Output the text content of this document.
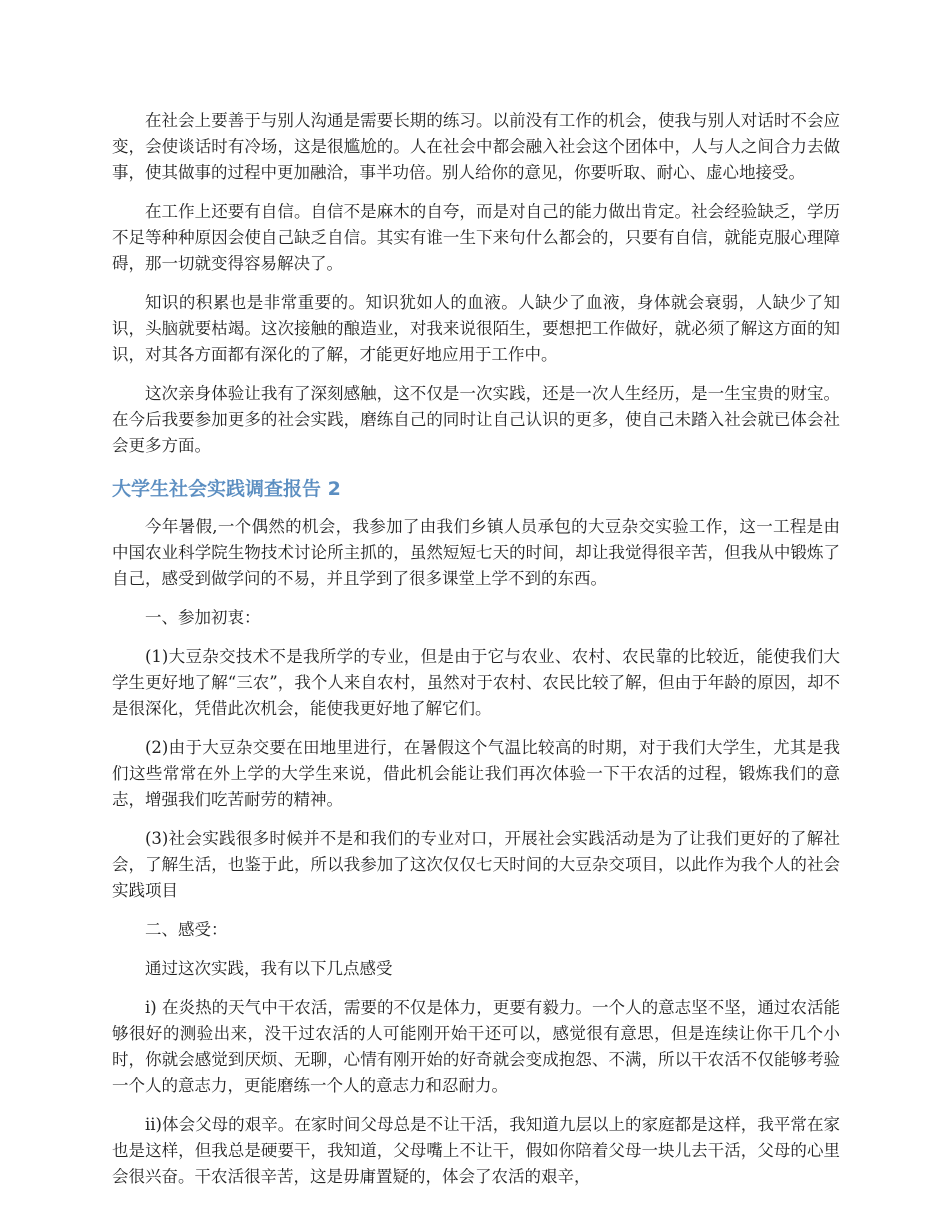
在社会上要善于与别人沟通是需要长期的练习。以前没有工作的机会，使我与别人对话时不会应变，会使谈话时有冷场，这是很尴尬的。人在社会中都会融入社会这个团体中，人与人之间合力去做事，使其做事的过程中更加融洽，事半功倍。别人给你的意见，你要听取、耐心、虚心地接受。

在工作上还要有自信。自信不是麻木的自夸，而是对自己的能力做出肯定。社会经验缺乏，学历不足等种种原因会使自己缺乏自信。其实有谁一生下来句什么都会的，只要有自信，就能克服心理障碍，那一切就变得容易解决了。

知识的积累也是非常重要的。知识犹如人的血液。人缺少了血液，身体就会衰弱，人缺少了知识，头脑就要枯竭。这次接触的酿造业，对我来说很陌生，要想把工作做好，就必须了解这方面的知识，对其各方面都有深化的了解，才能更好地应用于工作中。

这次亲身体验让我有了深刻感触，这不仅是一次实践，还是一次人生经历，是一生宝贵的财宝。在今后我要参加更多的社会实践，磨练自己的同时让自己认识的更多，使自己未踏入社会就已体会社会更多方面。

大学生社会实践调查报告 2

今年暑假,一个偶然的机会，我参加了由我们乡镇人员承包的大豆杂交实验工作，这一工程是由中国农业科学院生物技术讨论所主抓的，虽然短短七天的时间，却让我觉得很辛苦，但我从中锻炼了自己，感受到做学问的不易，并且学到了很多课堂上学不到的东西。

一、参加初衷：

(1)大豆杂交技术不是我所学的专业，但是由于它与农业、农村、农民靠的比较近，能使我们大学生更好地了解“三农”，我个人来自农村，虽然对于农村、农民比较了解，但由于年龄的原因，却不是很深化，凭借此次机会，能使我更好地了解它们。

(2)由于大豆杂交要在田地里进行，在暑假这个气温比较高的时期，对于我们大学生，尤其是我们这些常常在外上学的大学生来说，借此机会能让我们再次体验一下干农活的过程，锻炼我们的意志，增强我们吃苦耐劳的精神。

(3)社会实践很多时候并不是和我们的专业对口，开展社会实践活动是为了让我们更好的了解社会，了解生活，也鉴于此，所以我参加了这次仅仅七天时间的大豆杂交项目，以此作为我个人的社会实践项目

二、感受：

通过这次实践，我有以下几点感受

i) 在炎热的天气中干农活，需要的不仅是体力，更要有毅力。一个人的意志坚不坚，通过农活能够很好的测验出来，没干过农活的人可能刚开始干还可以，感觉很有意思，但是连续让你干几个小时，你就会感觉到厌烦、无聊，心情有刚开始的好奇就会变成抱怨、不满，所以干农活不仅能够考验一个人的意志力，更能磨练一个人的意志力和忍耐力。

ii)体会父母的艰辛。在家时间父母总是不让干活，我知道九层以上的家庭都是这样，我平常在家也是这样，但我总是硬要干，我知道，父母嘴上不让干，假如你陪着父母一块儿去干活，父母的心里会很兴奋。干农活很辛苦，这是毋庸置疑的，体会了农活的艰辛，
